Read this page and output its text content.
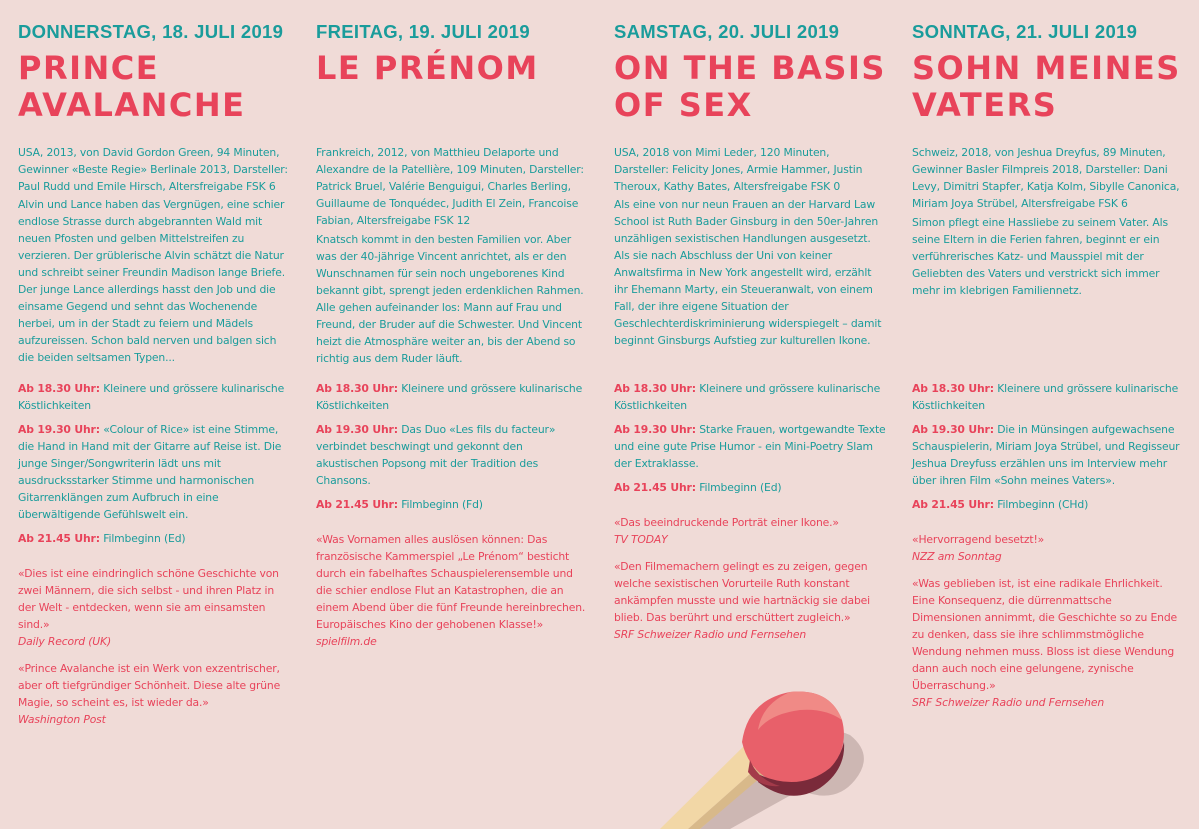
DONNERSTAG, 18. JULI 2019
PRINCE
AVALANCHE
USA, 2013, von David Gordon Green, 94 Minuten, Gewinner «Beste Regie» Berlinale 2013, Darsteller: Paul Rudd und Emile Hirsch, Altersfreigabe FSK 6
Alvin und Lance haben das Vergnügen, eine schier endlose Strasse durch abgebrannten Wald mit neuen Pfosten und gelben Mittelstreifen zu verzieren. Der grüblerische Alvin schätzt die Natur und schreibt seiner Freundin Madison lange Briefe. Der junge Lance allerdings hasst den Job und die einsame Gegend und sehnt das Wochenende herbei, um in der Stadt zu feiern und Mädels aufzureissen. Schon bald nerven und balgen sich die beiden seltsamen Typen...
Ab 18.30 Uhr: Kleinere und grössere kulinarische Köstlichkeiten
Ab 19.30 Uhr: «Colour of Rice» ist eine Stimme, die Hand in Hand mit der Gitarre auf Reise ist. Die junge Singer/Songwriterin lädt uns mit ausdrucksstarker Stimme und harmonischen Gitarrenklängen zum Aufbruch in eine überwältigende Gefühlswelt ein.
Ab 21.45 Uhr: Filmbeginn (Ed)
«Dies ist eine eindringlich schöne Geschichte von zwei Männern, die sich selbst - und ihren Platz in der Welt - entdecken, wenn sie am einsamsten sind.»
Daily Record (UK)
«Prince Avalanche ist ein Werk von exzentrischer, aber oft tiefgründiger Schönheit. Diese alte grüne Magie, so scheint es, ist wieder da.»
Washington Post
FREITAG, 19. JULI 2019
LE PRÉNOM
Frankreich, 2012, von Matthieu Delaporte und Alexandre de la Patellière, 109 Minuten, Darsteller: Patrick Bruel, Valérie Benguigui, Charles Berling, Guillaume de Tonquédec, Judith El Zein, Francoise Fabian, Altersfreigabe FSK 12
Knatsch kommt in den besten Familien vor. Aber was der 40-jährige Vincent anrichtet, als er den Wunschnamen für sein noch ungeborenes Kind bekannt gibt, sprengt jeden erdenklichen Rahmen. Alle gehen aufeinander los: Mann auf Frau und Freund, der Bruder auf die Schwester. Und Vincent heizt die Atmosphäre weiter an, bis der Abend so richtig aus dem Ruder läuft.
Ab 18.30 Uhr: Kleinere und grössere kulinarische Köstlichkeiten
Ab 19.30 Uhr: Das Duo «Les fils du facteur» verbindet beschwingt und gekonnt den akustischen Popsong mit der Tradition des Chansons.
Ab 21.45 Uhr: Filmbeginn (Fd)
«Was Vornamen alles auslösen können: Das französische Kammerspiel „Le Prénom“ besticht durch ein fabelhaftes Schauspielerensemble und die schier endlose Flut an Katastrophen, die an einem Abend über die fünf Freunde hereinbrechen. Europäisches Kino der gehobenen Klasse!»
spielfilm.de
SAMSTAG, 20. JULI 2019
ON THE BASIS
OF SEX
USA, 2018 von Mimi Leder, 120 Minuten, Darsteller: Felicity Jones, Armie Hammer, Justin Theroux, Kathy Bates, Altersfreigabe FSK 0
Als eine von nur neun Frauen an der Harvard Law School ist Ruth Bader Ginsburg in den 50er-Jahren unzähligen sexistischen Handlungen ausgesetzt. Als sie nach Abschluss der Uni von keiner Anwaltsfirma in New York angestellt wird, erzählt ihr Ehemann Marty, ein Steueranwalt, von einem Fall, der ihre eigene Situation der Geschlechterdiskriminierung widerspiegelt – damit beginnt Ginsburgs Aufstieg zur kulturellen Ikone.
Ab 18.30 Uhr: Kleinere und grössere kulinarische Köstlichkeiten
Ab 19.30 Uhr: Starke Frauen, wortgewandte Texte und eine gute Prise Humor - ein Mini-Poetry Slam der Extraklasse.
Ab 21.45 Uhr: Filmbeginn (Ed)
«Das beeindruckende Porträt einer Ikone.»
TV TODAY
«Den Filmemachern gelingt es zu zeigen, gegen welche sexistischen Vorurteile Ruth konstant ankämpfen musste und wie hartnäckig sie dabei blieb. Das berührt und erschüttert zugleich.»
SRF Schweizer Radio und Fernsehen
SONNTAG, 21. JULI 2019
SOHN MEINES
VATERS
Schweiz, 2018, von Jeshua Dreyfus, 89 Minuten, Gewinner Basler Filmpreis 2018, Darsteller: Dani Levy, Dimitri Stapfer, Katja Kolm, Sibylle Canonica, Miriam Joya Strübel, Altersfreigabe FSK 6
Simon pflegt eine Hassliebe zu seinem Vater. Als seine Eltern in die Ferien fahren, beginnt er ein verführerisches Katz- und Mausspiel mit der Geliebten des Vaters und verstrickt sich immer mehr im klebrigen Familiennetz.
Ab 18.30 Uhr: Kleinere und grössere kulinarische Köstlichkeiten
Ab 19.30 Uhr: Die in Münsingen aufgewachsene Schauspielerin, Miriam Joya Strübel, und Regisseur Jeshua Dreyfuss erzählen uns im Interview mehr über ihren Film «Sohn meines Vaters».
Ab 21.45 Uhr: Filmbeginn (CHd)
«Hervorragend besetzt!»
NZZ am Sonntag
«Was geblieben ist, ist eine radikale Ehrlichkeit. Eine Konsequenz, die dürrenmattsche Dimensionen annimmt, die Geschichte so zu Ende zu denken, dass sie ihre schlimmstmögliche Wendung nehmen muss. Bloss ist diese Wendung dann auch noch eine gelungene, zynische Überraschung.»
SRF Schweizer Radio und Fernsehen
